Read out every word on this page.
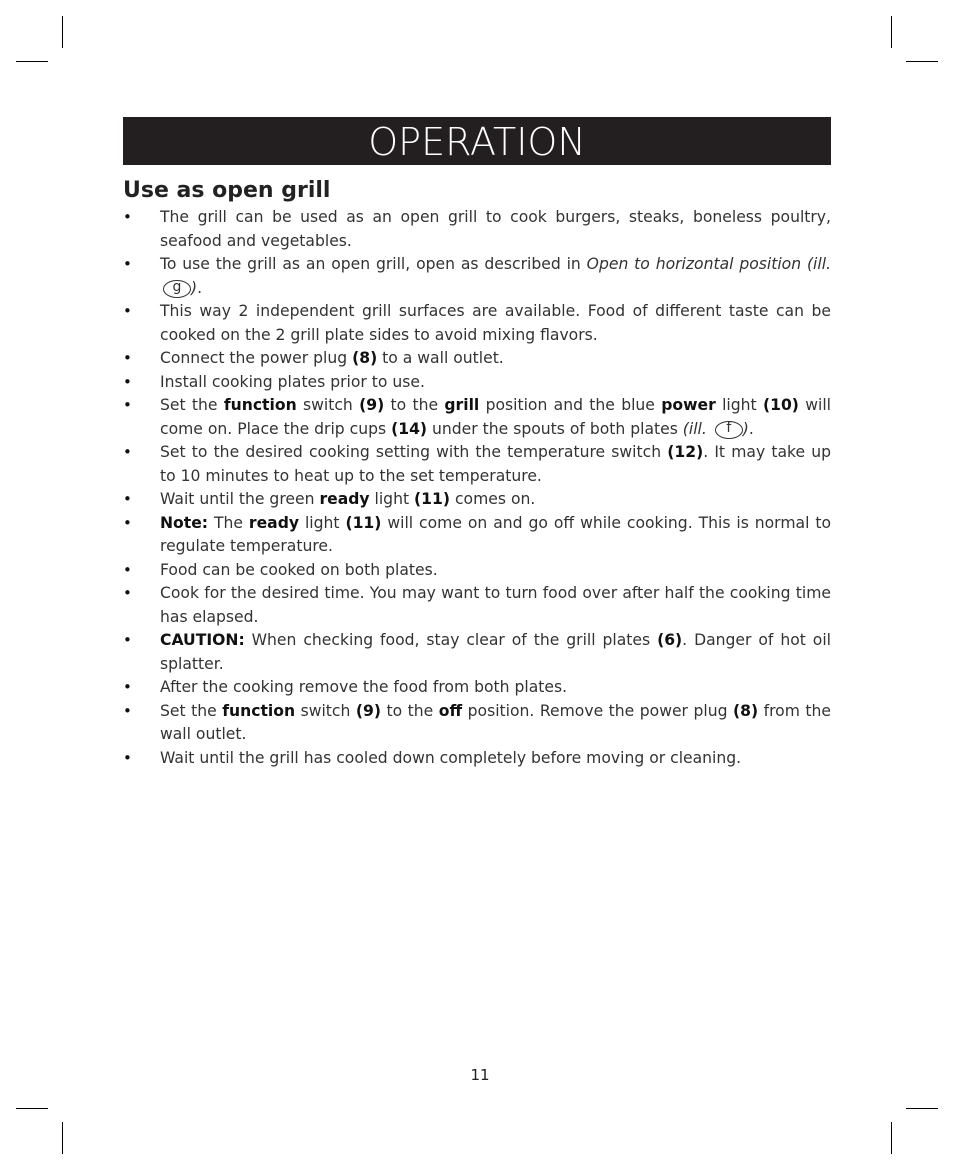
OPERATION
Use as open grill
• The grill can be used as an open grill to cook burgers, steaks, boneless poultry, seafood and vegetables.
• To use the grill as an open grill, open as described in Open to horizontal position (ill. g ).
• This way 2 independent grill surfaces are available. Food of different taste can be cooked on the 2 grill plate sides to avoid mixing flavors.
• Connect the power plug (8) to a wall outlet.
• Install cooking plates prior to use.
• Set the function switch (9) to the grill position and the blue power light (10) will come on. Place the drip cups (14) under the spouts of both plates (ill. f ).
• Set to the desired cooking setting with the temperature switch (12). It may take up to 10 minutes to heat up to the set temperature.
• Wait until the green ready light (11) comes on.
• Note: The ready light (11) will come on and go off while cooking. This is normal to regulate temperature.
• Food can be cooked on both plates.
• Cook for the desired time. You may want to turn food over after half the cooking time has elapsed.
• CAUTION: When checking food, stay clear of the grill plates (6). Danger of hot oil splatter.
• After the cooking remove the food from both plates.
• Set the function switch (9) to the off position. Remove the power plug (8) from the wall outlet.
• Wait until the grill has cooled down completely before moving or cleaning.
11
